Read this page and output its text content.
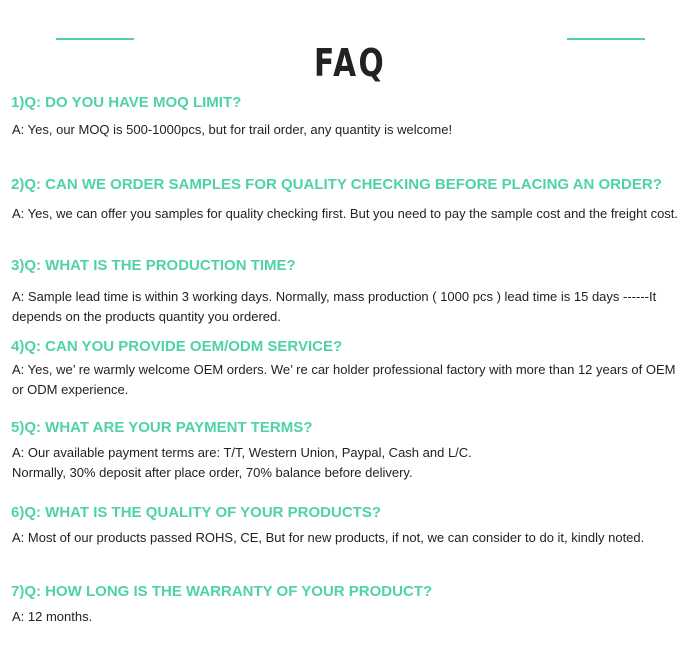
FAQ
1)Q: DO YOU HAVE MOQ LIMIT?

A: Yes, our MOQ is 500-1000pcs, but for trail order, any quantity is welcome!

2)Q: CAN WE ORDER SAMPLES FOR QUALITY CHECKING BEFORE PLACING AN ORDER?

A: Yes, we can offer you samples for quality checking first. But you need to pay the sample cost and the freight cost.

3)Q: WHAT IS THE PRODUCTION TIME?

A: Sample lead time is within 3 working days. Normally, mass production ( 1000 pcs ) lead time is 15 days ------It depends on the products quantity you ordered.

4)Q: CAN YOU PROVIDE OEM/ODM SERVICE?

A: Yes, we’ re warmly welcome OEM orders. We’ re car holder professional factory with more than 12 years of OEM or ODM experience.

5)Q: WHAT ARE YOUR PAYMENT TERMS?

A: Our available payment terms are: T/T, Western Union, Paypal, Cash and L/C.
Normally, 30% deposit after place order, 70% balance before delivery.

6)Q: WHAT IS THE QUALITY OF YOUR PRODUCTS?

A: Most of our products passed ROHS, CE, But for new products, if not, we can consider to do it, kindly noted.

7)Q: HOW LONG IS THE WARRANTY OF YOUR PRODUCT?

A: 12 months.
